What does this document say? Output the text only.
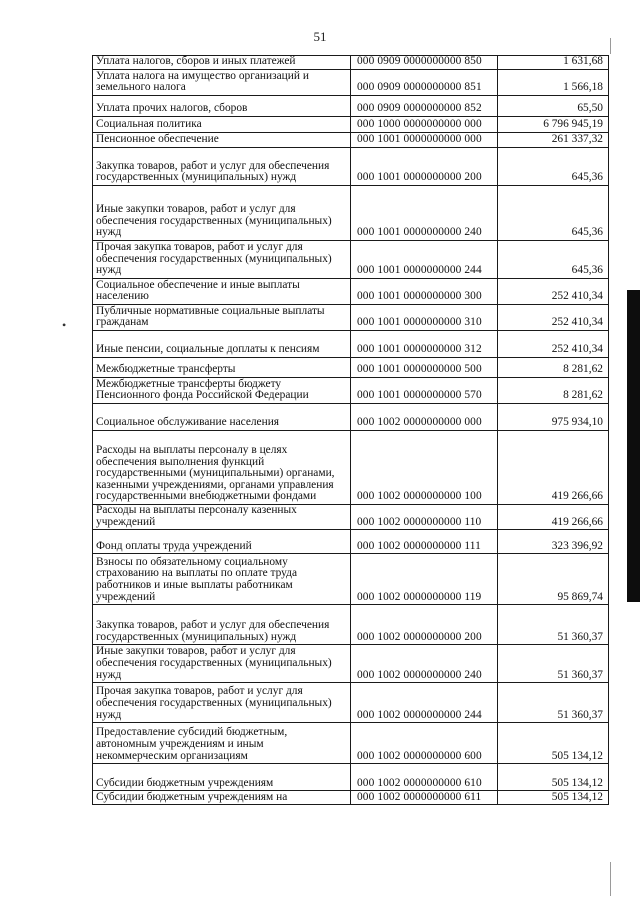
51
•
Уплата налогов, сборов и иных платежей	000 0909 0000000000 850	1 631,68
Уплата налога на имущество организаций и земельного налога	000 0909 0000000000 851	1 566,18
Уплата прочих налогов, сборов	000 0909 0000000000 852	65,50
Социальная политика	000 1000 0000000000 000	6 796 945,19
Пенсионное обеспечение	000 1001 0000000000 000	261 337,32
Закупка товаров, работ и услуг для обеспечения государственных (муниципальных) нужд	000 1001 0000000000 200	645,36
Иные закупки товаров, работ и услуг для обеспечения государственных (муниципальных) нужд	000 1001 0000000000 240	645,36
Прочая закупка товаров, работ и услуг для обеспечения государственных (муниципальных) нужд	000 1001 0000000000 244	645,36
Социальное обеспечение и иные выплаты населению	000 1001 0000000000 300	252 410,34
Публичные нормативные социальные выплаты гражданам	000 1001 0000000000 310	252 410,34
Иные пенсии, социальные доплаты к пенсиям	000 1001 0000000000 312	252 410,34
Межбюджетные трансферты	000 1001 0000000000 500	8 281,62
Межбюджетные трансферты бюджету Пенсионного фонда Российской Федерации	000 1001 0000000000 570	8 281,62
Социальное обслуживание населения	000 1002 0000000000 000	975 934,10
Расходы на выплаты персоналу в целях обеспечения выполнения функций государственными (муниципальными) органами, казенными учреждениями, органами управления государственными внебюджетными фондами	000 1002 0000000000 100	419 266,66
Расходы на выплаты персоналу казенных учреждений	000 1002 0000000000 110	419 266,66
Фонд оплаты труда учреждений	000 1002 0000000000 111	323 396,92
Взносы по обязательному социальному страхованию на выплаты по оплате труда работников и иные выплаты работникам учреждений	000 1002 0000000000 119	95 869,74
Закупка товаров, работ и услуг для обеспечения государственных (муниципальных) нужд	000 1002 0000000000 200	51 360,37
Иные закупки товаров, работ и услуг для обеспечения государственных (муниципальных) нужд	000 1002 0000000000 240	51 360,37
Прочая закупка товаров, работ и услуг для обеспечения государственных (муниципальных) нужд	000 1002 0000000000 244	51 360,37
Предоставление субсидий бюджетным, автономным учреждениям и иным некоммерческим организациям	000 1002 0000000000 600	505 134,12
Субсидии бюджетным учреждениям	000 1002 0000000000 610	505 134,12
Субсидии бюджетным учреждениям на	000 1002 0000000000 611	505 134,12
